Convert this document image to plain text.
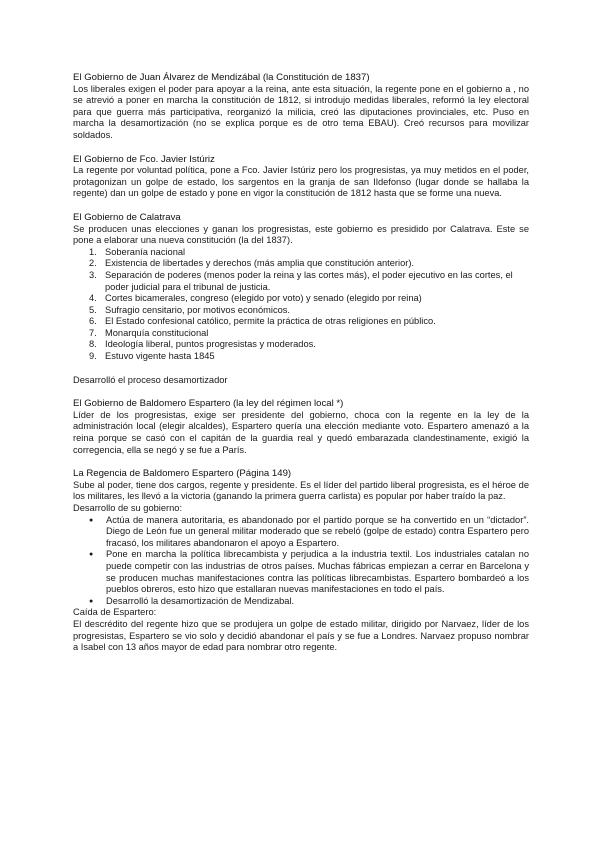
El Gobierno de Juan Álvarez de Mendizábal (la Constitución de 1837)

Los liberales exigen el poder para apoyar a la reina, ante esta situación, la regente pone en el gobierno a , no se atrevió a poner en marcha la constitución de 1812, si introdujo medidas liberales, reformó la ley electoral para que guerra más participativa, reorganizó la milicia, creó las diputaciones provinciales, etc. Puso en marcha la desamortización (no se explica porque es de otro tema EBAU). Creó recursos para movilizar soldados.

El Gobierno de Fco. Javier Istúriz

La regente por voluntad política, pone a Fco. Javier Istúriz pero los progresistas, ya muy metidos en el poder, protagonizan un golpe de estado, los sargentos en la granja de san Ildefonso (lugar donde se hallaba la regente) dan un golpe de estado y pone en vigor la constitución de 1812 hasta que se forme una nueva.

El Gobierno de Calatrava

Se producen unas elecciones y ganan los progresistas, este gobierno es presidido por Calatrava. Este se pone a elaborar una nueva constitución (la del 1837).

Soberanía nacional
Existencia de libertades y derechos (más amplia que constitución anterior).
Separación de poderes (menos poder la reina y las cortes más), el poder ejecutivo en las cortes, el poder judicial para el tribunal de justicia.
Cortes bicamerales, congreso (elegido por voto) y senado (elegido por reina)
Sufragio censitario, por motivos económicos.
El Estado confesional católico, permite la práctica de otras religiones en público.
Monarquía constitucional
Ideología liberal, puntos progresistas y moderados.
Estuvo vigente hasta 1845

Desarrolló el proceso desamortizador

El Gobierno de Baldomero Espartero (la ley del régimen local *)

Líder de los progresistas, exige ser presidente del gobierno, choca con la regente en la ley de la administración local (elegir alcaldes), Espartero quería una elección mediante voto. Espartero amenazó a la reina porque se casó con el capitán de la guardia real y quedó embarazada clandestinamente, exigió la corregencia, ella se negó y se fue a París.

La Regencia de Baldomero Espartero (Página 149)

Sube al poder, tiene dos cargos, regente y presidente. Es el líder del partido liberal progresista, es el héroe de los militares, les llevó a la victoria (ganando la primera guerra carlista) es popular por haber traído la paz.

Desarrollo de su gobierno:

● Actúa de manera autoritaria, es abandonado por el partido porque se ha convertido en un “dictador”. Diego de León fue un general militar moderado que se rebeló (golpe de estado) contra Espartero pero fracasó, los militares abandonaron el apoyo a Espartero.
● Pone en marcha la política librecambista y perjudica a la industria textil. Los industriales catalan no puede competir con las industrias de otros países. Muchas fábricas empiezan a cerrar en Barcelona y se producen muchas manifestaciones contra las políticas librecambistas. Espartero bombardeó a los pueblos obreros, esto hizo que estallaran nuevas manifestaciones en todo el país.
● Desarrolló la desamortización de Mendizabal.

Caída de Espartero:

El descrédito del regente hizo que se produjera un golpe de estado militar, dirigido por Narvaez, líder de los progresistas, Espartero se vio solo y decidió abandonar el país y se fue a Londres. Narvaez propuso nombrar a Isabel con 13 años mayor de edad para nombrar otro regente.
